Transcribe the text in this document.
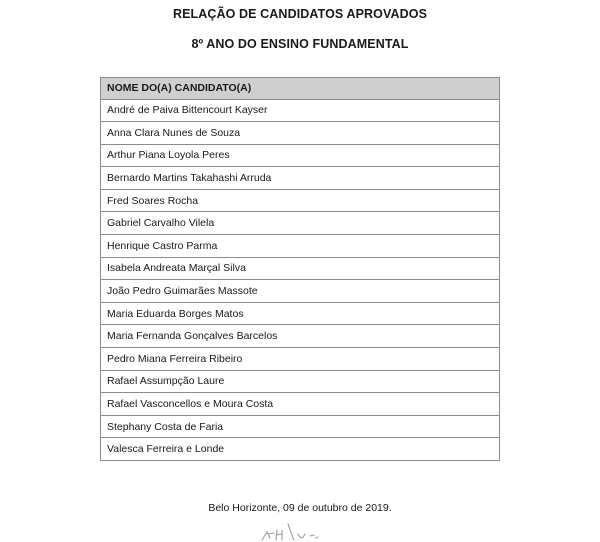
RELAÇÃO DE CANDIDATOS APROVADOS
8º ANO DO ENSINO FUNDAMENTAL
NOME DO(A) CANDIDATO(A)
André de Paiva Bittencourt Kayser
Anna Clara Nunes de Souza
Arthur Piana Loyola Peres
Bernardo Martins Takahashi Arruda
Fred Soares Rocha
Gabriel Carvalho Vilela
Henrique Castro Parma
Isabela Andreata Marçal Silva
João Pedro Guimarães Massote
Maria Eduarda Borges Matos
Maria Fernanda Gonçalves Barcelos
Pedro Miana Ferreira Ribeiro
Rafael Assumpção Laure
Rafael Vasconcellos e Moura Costa
Stephany Costa de Faria
Valesca Ferreira e Londe
Belo Horizonte, 09 de outubro de 2019.
